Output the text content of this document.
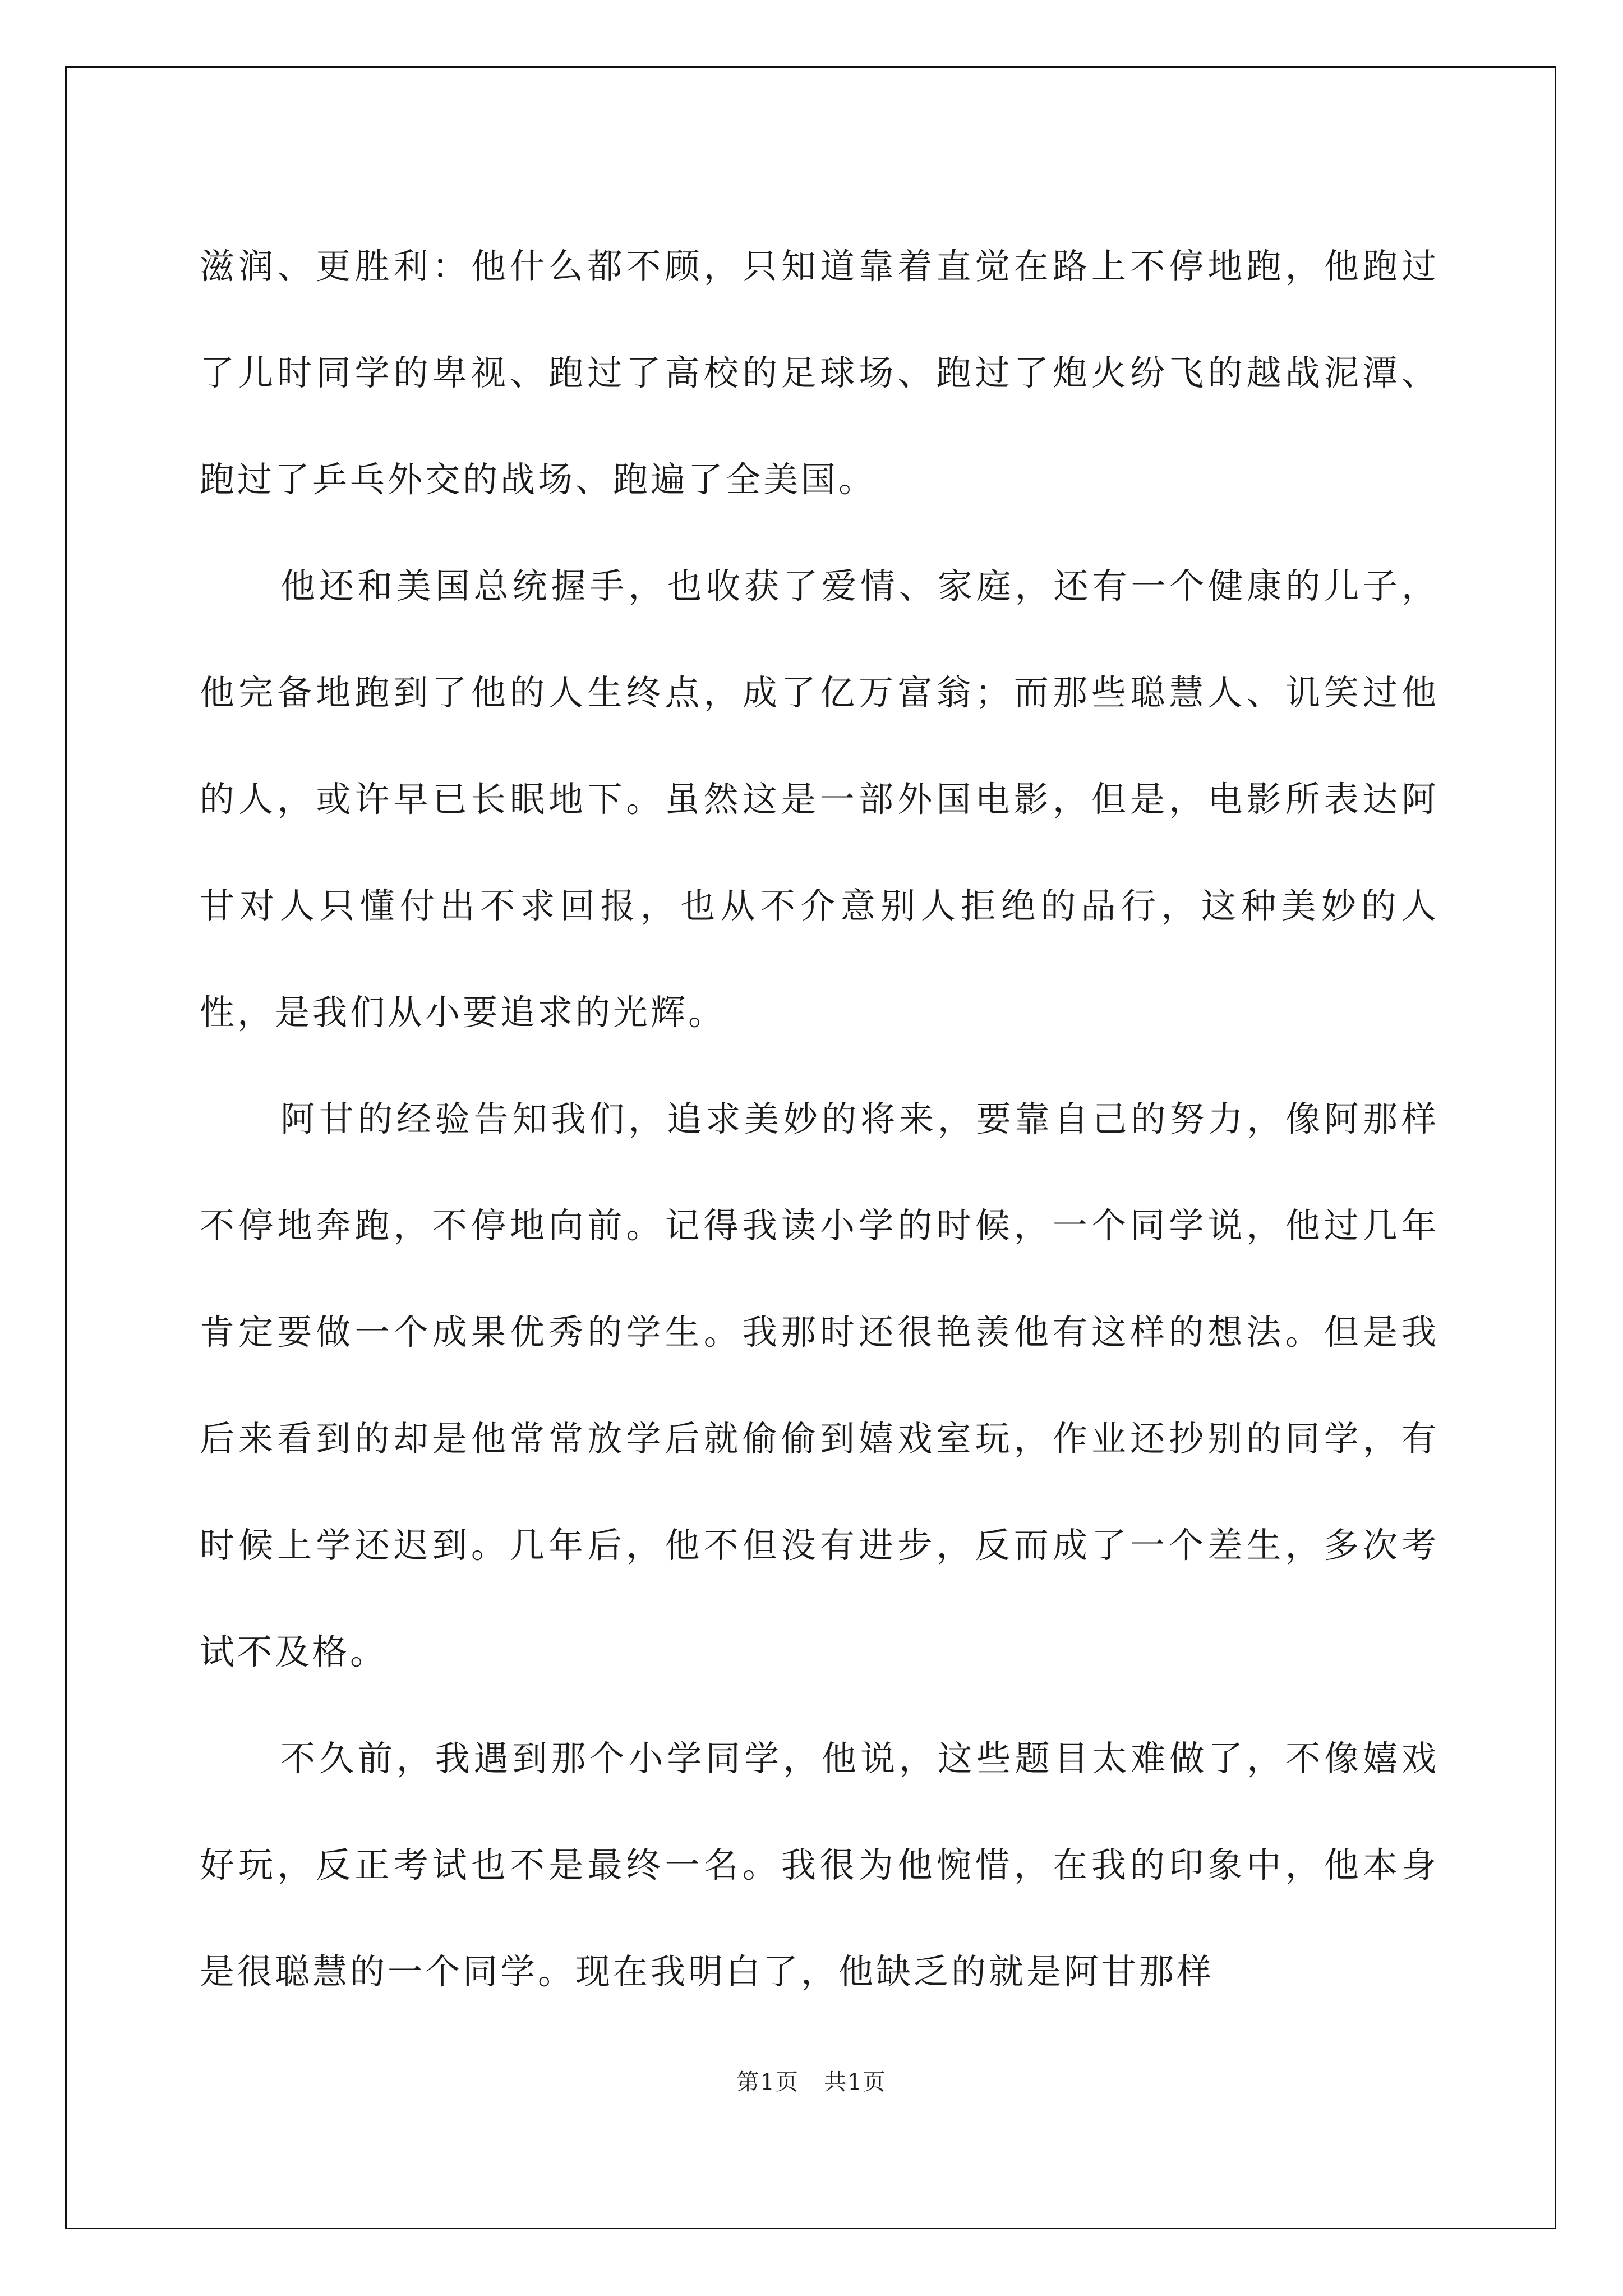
滋润、更胜利：他什么都不顾，只知道靠着直觉在路上不停地跑，他跑过了儿时同学的卑视、跑过了高校的足球场、跑过了炮火纷飞的越战泥潭、跑过了乒乓外交的战场、跑遍了全美国。

他还和美国总统握手，也收获了爱情、家庭，还有一个健康的儿子，他完备地跑到了他的人生终点，成了亿万富翁；而那些聪慧人、讥笑过他的人，或许早已长眠地下。虽然这是一部外国电影，但是，电影所表达阿甘对人只懂付出不求回报，也从不介意别人拒绝的品行，这种美妙的人性，是我们从小要追求的光辉。

阿甘的经验告知我们，追求美妙的将来，要靠自己的努力，像阿那样不停地奔跑，不停地向前。记得我读小学的时候，一个同学说，他过几年肯定要做一个成果优秀的学生。我那时还很艳羡他有这样的想法。但是我后来看到的却是他常常放学后就偷偷到嬉戏室玩，作业还抄别的同学，有时候上学还迟到。几年后，他不但没有进步，反而成了一个差生，多次考试不及格。

不久前，我遇到那个小学同学，他说，这些题目太难做了，不像嬉戏好玩，反正考试也不是最终一名。我很为他惋惜，在我的印象中，他本身是很聪慧的一个同学。现在我明白了，他缺乏的就是阿甘那样

第1页 共1页
